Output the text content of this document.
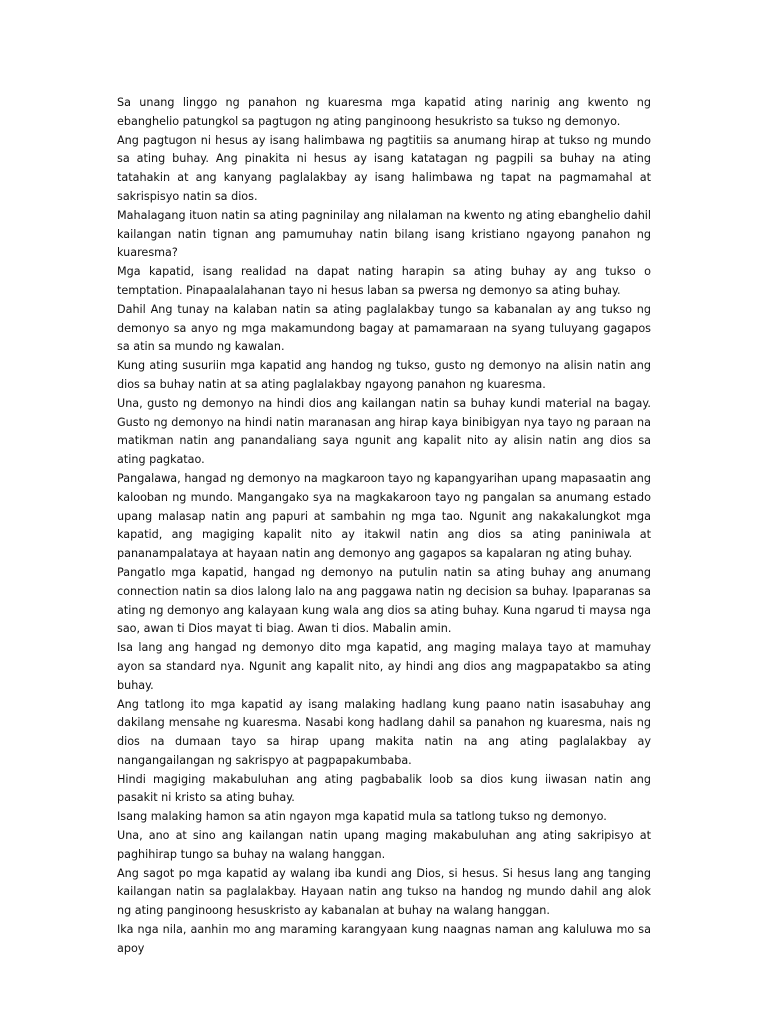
Sa unang linggo ng panahon ng kuaresma mga kapatid ating narinig ang kwento ng ebanghelio patungkol sa pagtugon ng ating panginoong hesukristo sa tukso ng demonyo.

Ang pagtugon ni hesus ay isang halimbawa ng pagtitiis sa anumang hirap at tukso ng mundo sa ating buhay. Ang pinakita ni hesus ay isang katatagan ng pagpili sa buhay na ating tatahakin at ang kanyang paglalakbay ay isang halimbawa ng tapat na pagmamahal at sakrispisyo natin sa dios.

Mahalagang ituon natin sa ating pagninilay ang nilalaman na kwento ng ating ebanghelio dahil kailangan natin tignan ang pamumuhay natin bilang isang kristiano ngayong panahon ng kuaresma?

Mga kapatid, isang realidad na dapat nating harapin sa ating buhay ay ang tukso o temptation. Pinapaalalahanan tayo ni hesus laban sa pwersa ng demonyo sa ating buhay.

Dahil Ang tunay na kalaban natin sa ating paglalakbay tungo sa kabanalan ay ang tukso ng demonyo sa anyo ng mga makamundong bagay at pamamaraan na syang tuluyang gagapos sa atin sa mundo ng kawalan.

Kung ating susuriin mga kapatid ang handog ng tukso, gusto ng demonyo na alisin natin ang dios sa buhay natin at sa ating paglalakbay ngayong panahon ng kuaresma.

Una, gusto ng demonyo na hindi dios ang kailangan natin sa buhay kundi material na bagay. Gusto ng demonyo na hindi natin maranasan ang hirap kaya binibigyan nya tayo ng paraan na matikman natin ang panandaliang saya ngunit ang kapalit nito ay alisin natin ang dios sa ating pagkatao.

Pangalawa, hangad ng demonyo na magkaroon tayo ng kapangyarihan upang mapasaatin ang kalooban ng mundo. Mangangako sya na magkakaroon tayo ng pangalan sa anumang estado upang malasap natin ang papuri at sambahin ng mga tao. Ngunit ang nakakalungkot mga kapatid, ang magiging kapalit nito ay itakwil natin ang dios sa ating paniniwala at pananampalataya at hayaan natin ang demonyo ang gagapos sa kapalaran ng ating buhay.

Pangatlo mga kapatid, hangad ng demonyo na putulin natin sa ating buhay ang anumang connection natin sa dios lalong lalo na ang paggawa natin ng decision sa buhay. Ipaparanas sa ating ng demonyo ang kalayaan kung wala ang dios sa ating buhay. Kuna ngarud ti maysa nga sao, awan ti Dios mayat ti biag. Awan ti dios. Mabalin amin.

Isa lang ang hangad ng demonyo dito mga kapatid, ang maging malaya tayo at mamuhay ayon sa standard nya. Ngunit ang kapalit nito, ay hindi ang dios ang magpapatakbo sa ating buhay.

Ang tatlong ito mga kapatid ay isang malaking hadlang kung paano natin isasabuhay ang dakilang mensahe ng kuaresma. Nasabi kong hadlang dahil sa panahon ng kuaresma, nais ng dios na dumaan tayo sa hirap upang makita natin na ang ating paglalakbay ay nangangailangan ng sakrispyo at pagpapakumbaba.

Hindi magiging makabuluhan ang ating pagbabalik loob sa dios kung iiwasan natin ang pasakit ni kristo sa ating buhay.

Isang malaking hamon sa atin ngayon mga kapatid mula sa tatlong tukso ng demonyo.

Una, ano at sino ang kailangan natin upang maging makabuluhan ang ating sakripisyo at paghihirap tungo sa buhay na walang hanggan.

Ang sagot po mga kapatid ay walang iba kundi ang Dios, si hesus. Si hesus lang ang tanging kailangan natin sa paglalakbay. Hayaan natin ang tukso na handog ng mundo dahil ang alok ng ating panginoong hesuskristo ay kabanalan at buhay na walang hanggan.

Ika nga nila, aanhin mo ang maraming karangyaan kung naagnas naman ang kaluluwa mo sa apoy
